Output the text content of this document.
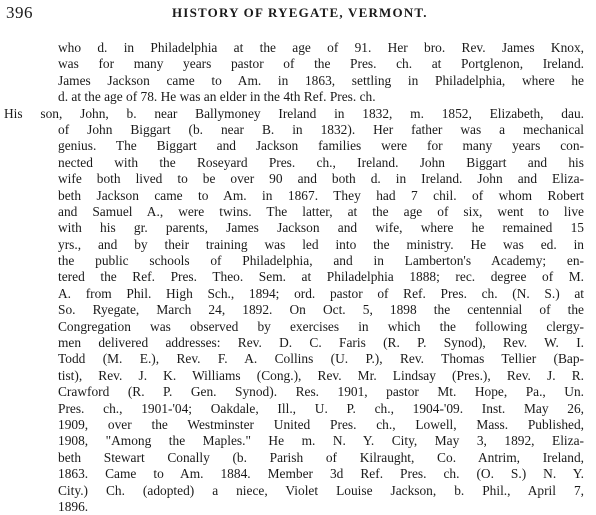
396	HISTORY OF RYEGATE, VERMONT.
who d. in Philadelphia at the age of 91. Her bro. Rev. James Knox,
was for many years pastor of the Pres. ch. at Portglenon, Ireland.
James Jackson came to Am. in 1863, settling in Philadelphia, where he
d. at the age of 78. He was an elder in the 4th Ref. Pres. ch.
His son, John, b. near Ballymoney Ireland in 1832, m. 1852, Elizabeth, dau.
of John Biggart (b. near B. in 1832). Her father was a mechanical
genius. The Biggart and Jackson families were for many years con-
nected with the Roseyard Pres. ch., Ireland. John Biggart and his
wife both lived to be over 90 and both d. in Ireland. John and Eliza-
beth Jackson came to Am. in 1867. They had 7 chil. of whom Robert
and Samuel A., were twins. The latter, at the age of six, went to live
with his gr. parents, James Jackson and wife, where he remained 15
yrs., and by their training was led into the ministry. He was ed. in
the public schools of Philadelphia, and in Lamberton's Academy; en-
tered the Ref. Pres. Theo. Sem. at Philadelphia 1888; rec. degree of M.
A. from Phil. High Sch., 1894; ord. pastor of Ref. Pres. ch. (N. S.) at
So. Ryegate, March 24, 1892. On Oct. 5, 1898 the centennial of the
Congregation was observed by exercises in which the following clergy-
men delivered addresses: Rev. D. C. Faris (R. P. Synod), Rev. W. I.
Todd (M. E.), Rev. F. A. Collins (U. P.), Rev. Thomas Tellier (Bap-
tist), Rev. J. K. Williams (Cong.), Rev. Mr. Lindsay (Pres.), Rev. J. R.
Crawford (R. P. Gen. Synod). Res. 1901, pastor Mt. Hope, Pa., Un.
Pres. ch., 1901-'04; Oakdale, Ill., U. P. ch., 1904-'09. Inst. May 26,
1909, over the Westminster United Pres. ch., Lowell, Mass. Published,
1908, "Among the Maples." He m. N. Y. City, May 3, 1892, Eliza-
beth Stewart Conally (b. Parish of Kilraught, Co. Antrim, Ireland,
1863. Came to Am. 1884. Member 3d Ref. Pres. ch. (O. S.) N. Y.
City.) Ch. (adopted) a niece, Violet Louise Jackson, b. Phil., April 7,
1896.
